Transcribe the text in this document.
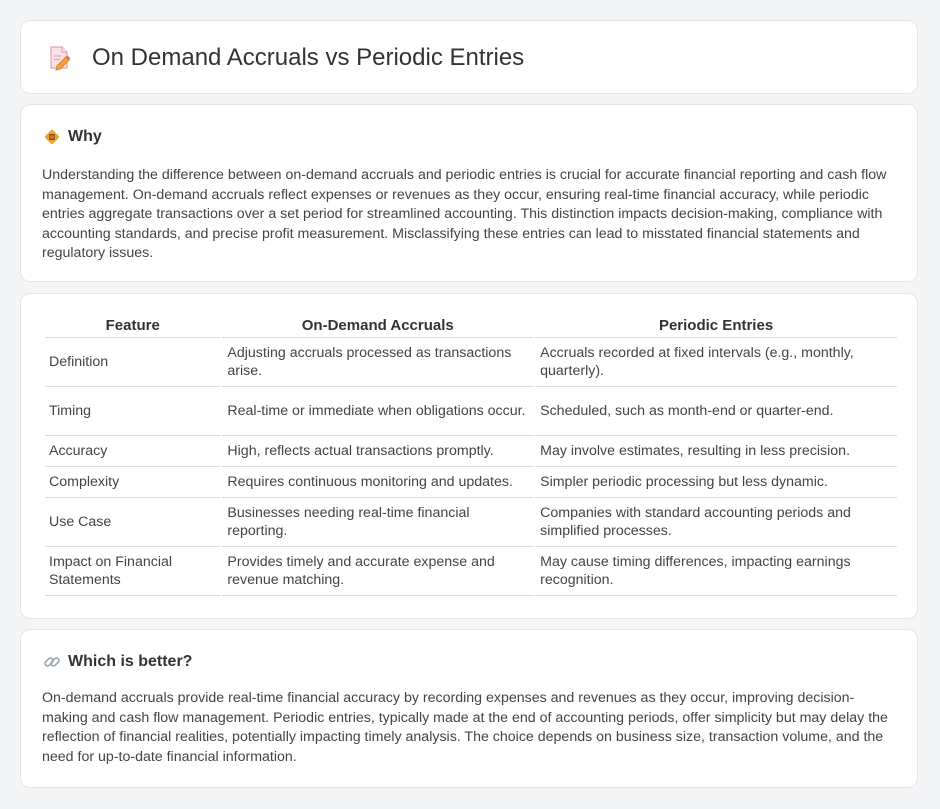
On Demand Accruals vs Periodic Entries
Why

Understanding the difference between on-demand accruals and periodic entries is crucial for accurate financial reporting and cash flow management. On-demand accruals reflect expenses or revenues as they occur, ensuring real-time financial accuracy, while periodic entries aggregate transactions over a set period for streamlined accounting. This distinction impacts decision-making, compliance with accounting standards, and precise profit measurement. Misclassifying these entries can lead to misstated financial statements and regulatory issues.

Feature	On-Demand Accruals	Periodic Entries
Definition	Adjusting accruals processed as transactions arise.	Accruals recorded at fixed intervals (e.g., monthly, quarterly).
Timing	Real-time or immediate when obligations occur.	Scheduled, such as month-end or quarter-end.
Accuracy	High, reflects actual transactions promptly.	May involve estimates, resulting in less precision.
Complexity	Requires continuous monitoring and updates.	Simpler periodic processing but less dynamic.
Use Case	Businesses needing real-time financial reporting.	Companies with standard accounting periods and simplified processes.
Impact on Financial Statements	Provides timely and accurate expense and revenue matching.	May cause timing differences, impacting earnings recognition.
Which is better?

On-demand accruals provide real-time financial accuracy by recording expenses and revenues as they occur, improving decision-making and cash flow management. Periodic entries, typically made at the end of accounting periods, offer simplicity but may delay the reflection of financial realities, potentially impacting timely analysis. The choice depends on business size, transaction volume, and the need for up-to-date financial information.
